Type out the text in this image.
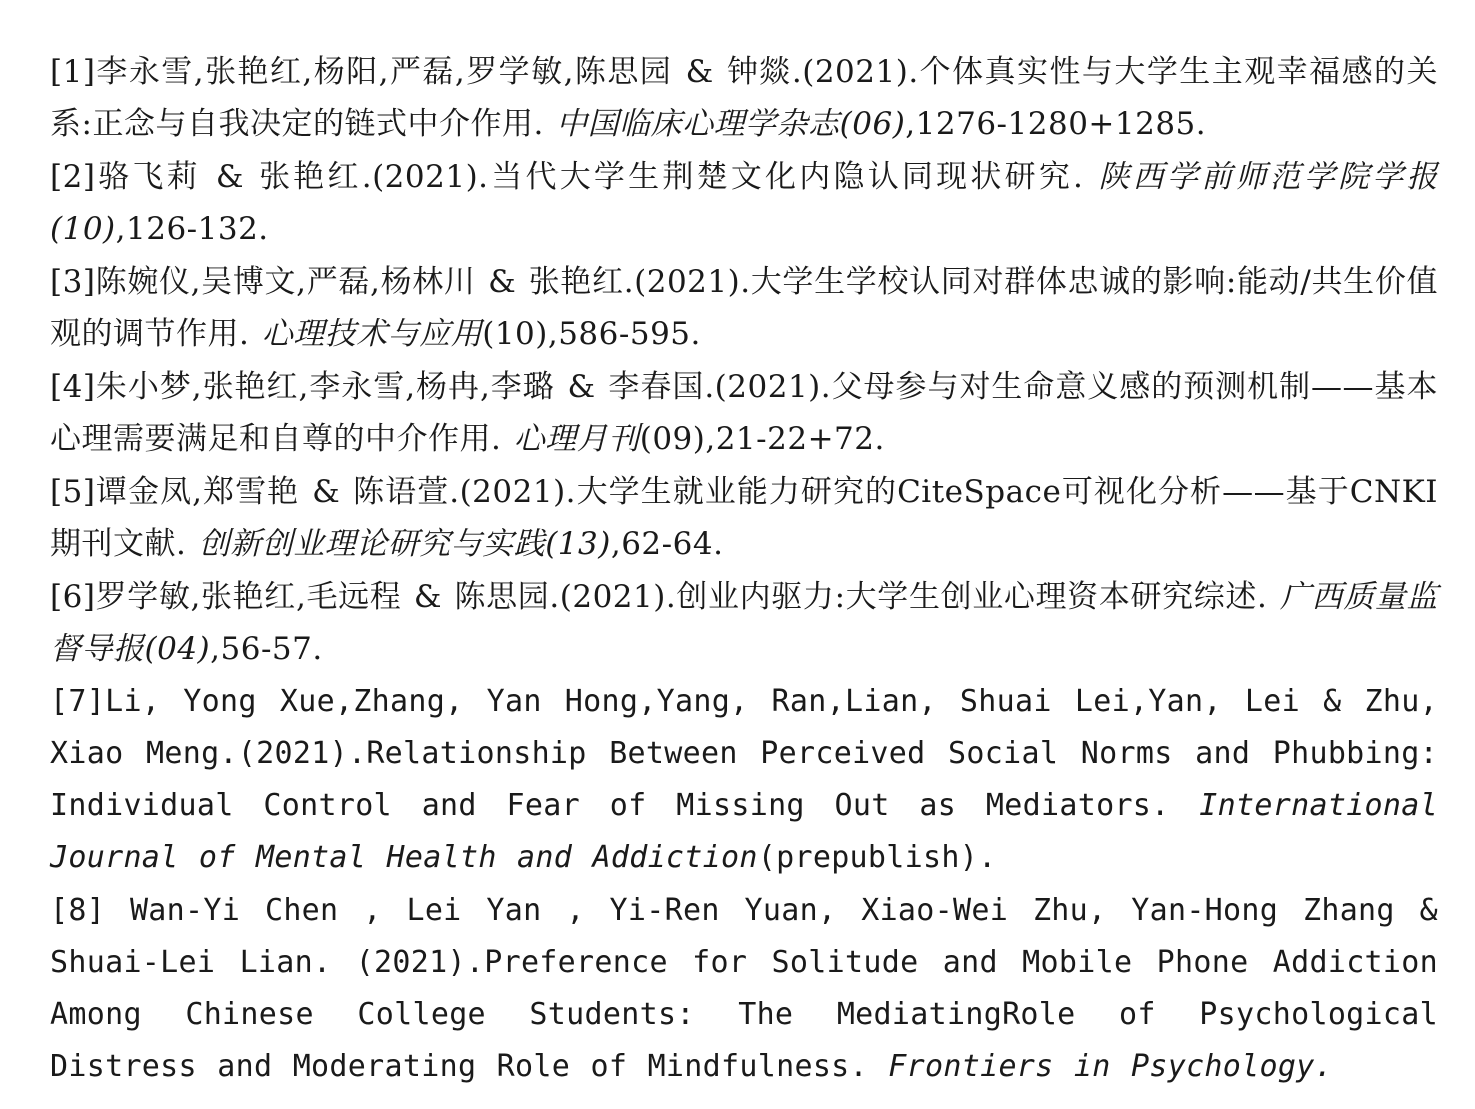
[1]李永雪,张艳红,杨阳,严磊,罗学敏,陈思园 & 钟燚.(2021).个体真实性与大学生主观幸福感的关系:正念与自我决定的链式中介作用. 中国临床心理学杂志(06),1276-1280+1285.

[2]骆飞莉 & 张艳红.(2021).当代大学生荆楚文化内隐认同现状研究. 陕西学前师范学院学报(10),126-132.

[3]陈婉仪,吴博文,严磊,杨林川 & 张艳红.(2021).大学生学校认同对群体忠诚的影响:能动/共生价值观的调节作用. 心理技术与应用(10),586-595.

[4]朱小梦,张艳红,李永雪,杨冉,李璐 & 李春国.(2021).父母参与对生命意义感的预测机制——基本心理需要满足和自尊的中介作用. 心理月刊(09),21-22+72.

[5]谭金凤,郑雪艳 & 陈语萱.(2021).大学生就业能力研究的CiteSpace可视化分析——基于CNKI期刊文献. 创新创业理论研究与实践(13),62-64.

[6]罗学敏,张艳红,毛远程 & 陈思园.(2021).创业内驱力:大学生创业心理资本研究综述. 广西质量监督导报(04),56-57.

[7]Li, Yong Xue,Zhang, Yan Hong,Yang, Ran,Lian, Shuai Lei,Yan, Lei & Zhu, Xiao Meng.(2021).Relationship Between Perceived Social Norms and Phubbing: Individual Control and Fear of Missing Out as Mediators. International Journal of Mental Health and Addiction(prepublish).

[8] Wan-Yi Chen , Lei Yan , Yi-Ren Yuan, Xiao-Wei Zhu, Yan-Hong Zhang & Shuai-Lei Lian. (2021).Preference for Solitude and Mobile Phone Addiction Among Chinese College Students: The MediatingRole of Psychological Distress and Moderating Role of Mindfulness. Frontiers in Psychology.
